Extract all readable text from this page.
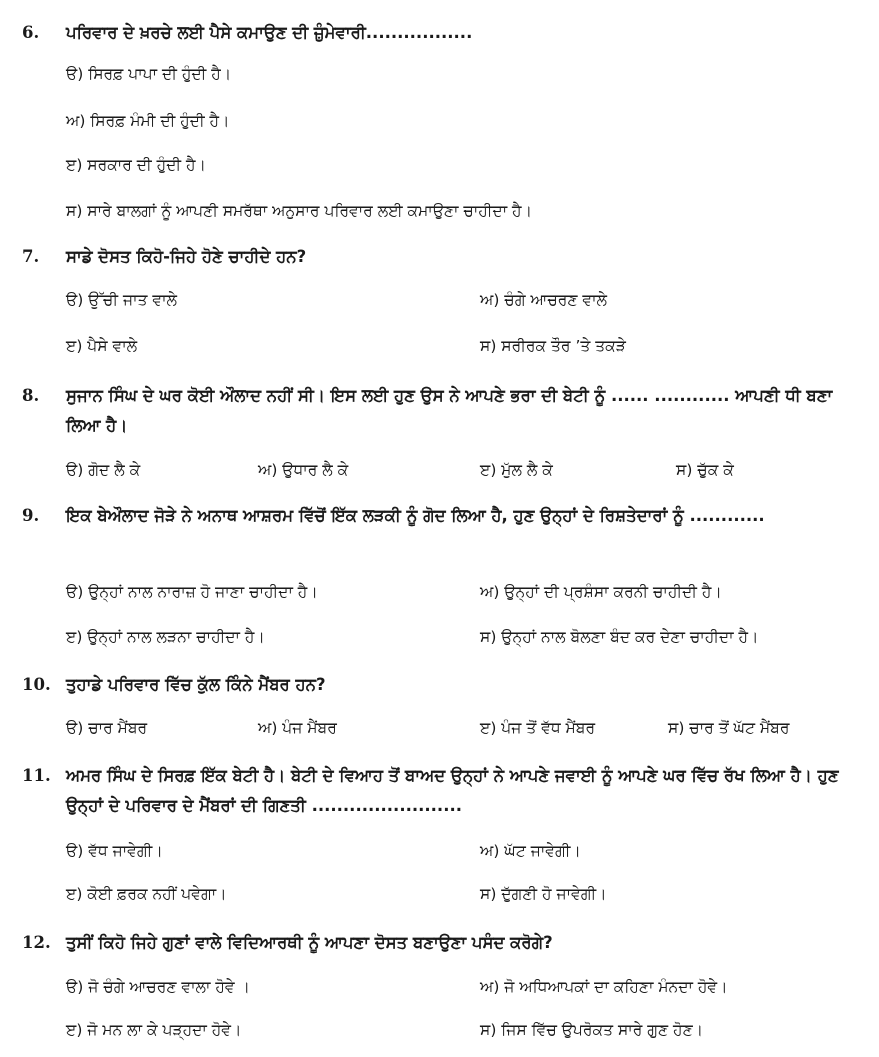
6.	ਪਰਿਵਾਰ ਦੇ ਖ਼ਰਚੇ ਲਈ ਪੈਸੇ ਕਮਾਉਣ ਦੀ ਜ਼ੁੰਮੇਵਾਰੀ.................
ੳ) ਸਿਰਫ਼ ਪਾਪਾ ਦੀ ਹੁੰਦੀ ਹੈ।
ਅ) ਸਿਰਫ਼ ਮੰਮੀ ਦੀ ਹੁੰਦੀ ਹੈ।
ੲ) ਸਰਕਾਰ ਦੀ ਹੁੰਦੀ ਹੈ।
ਸ) ਸਾਰੇ ਬਾਲਗਾਂ ਨੂੰ ਆਪਣੀ ਸਮਰੱਥਾ ਅਨੁਸਾਰ ਪਰਿਵਾਰ ਲਈ ਕਮਾਉਣਾ ਚਾਹੀਦਾ ਹੈ।
7.	ਸਾਡੇ ਦੋਸਤ ਕਿਹੋ-ਜਿਹੇ ਹੋਣੇ ਚਾਹੀਦੇ ਹਨ?
ੳ) ਉੱਚੀ ਜਾਤ ਵਾਲੇ	ਅ) ਚੰਗੇ ਆਚਰਣ ਵਾਲੇ
ੲ) ਪੈਸੇ ਵਾਲੇ	ਸ) ਸਰੀਰਕ ਤੌਰ ’ਤੇ ਤਕੜੇ
8.	ਸੁਜਾਨ ਸਿੰਘ ਦੇ ਘਰ ਕੋਈ ਔਲਾਦ ਨਹੀਂ ਸੀ। ਇਸ ਲਈ ਹੁਣ ਉਸ ਨੇ ਆਪਣੇ ਭਰਾ ਦੀ ਬੇਟੀ ਨੂੰ ...... ............ ਆਪਣੀ ਧੀ ਬਣਾ ਲਿਆ ਹੈ।
ੳ) ਗੋਦ ਲੈ ਕੇ	ਅ) ਉਧਾਰ ਲੈ ਕੇ	ੲ) ਮੁੱਲ ਲੈ ਕੇ	ਸ) ਚੁੱਕ ਕੇ
9.	ਇਕ ਬੇਔਲਾਦ ਜੋੜੇ ਨੇ ਅਨਾਥ ਆਸ਼ਰਮ ਵਿੱਚੋਂ ਇੱਕ ਲੜਕੀ ਨੂੰ ਗੋਦ ਲਿਆ ਹੈ, ਹੁਣ ਉਨ੍ਹਾਂ ਦੇ ਰਿਸ਼ਤੇਦਾਰਾਂ ਨੂੰ ............
ੳ) ਉਨ੍ਹਾਂ ਨਾਲ ਨਾਰਾਜ਼ ਹੋ ਜਾਣਾ ਚਾਹੀਦਾ ਹੈ।	ਅ) ਉਨ੍ਹਾਂ ਦੀ ਪ੍ਰਸ਼ੰਸਾ ਕਰਨੀ ਚਾਹੀਦੀ ਹੈ।
ੲ) ਉਨ੍ਹਾਂ ਨਾਲ ਲੜਨਾ ਚਾਹੀਦਾ ਹੈ।	ਸ) ਉਨ੍ਹਾਂ ਨਾਲ ਬੋਲਣਾ ਬੰਦ ਕਰ ਦੇਣਾ ਚਾਹੀਦਾ ਹੈ।
10. ਤੁਹਾਡੇ ਪਰਿਵਾਰ ਵਿੱਚ ਕੁੱਲ ਕਿੰਨੇ ਮੈਂਬਰ ਹਨ?
ੳ) ਚਾਰ ਮੈਂਬਰ	ਅ) ਪੰਜ ਮੈਂਬਰ	ੲ) ਪੰਜ ਤੋਂ ਵੱਧ ਮੈਂਬਰ	ਸ) ਚਾਰ ਤੋਂ ਘੱਟ ਮੈਂਬਰ
11. ਅਮਰ ਸਿੰਘ ਦੇ ਸਿਰਫ਼ ਇੱਕ ਬੇਟੀ ਹੈ। ਬੇਟੀ ਦੇ ਵਿਆਹ ਤੋਂ ਬਾਅਦ ਉਨ੍ਹਾਂ ਨੇ ਆਪਣੇ ਜਵਾਈ ਨੂੰ ਆਪਣੇ ਘਰ ਵਿੱਚ ਰੱਖ ਲਿਆ ਹੈ। ਹੁਣ ਉਨ੍ਹਾਂ ਦੇ ਪਰਿਵਾਰ ਦੇ ਮੈਂਬਰਾਂ ਦੀ ਗਿਣਤੀ ........................
ੳ) ਵੱਧ ਜਾਵੇਗੀ।	ਅ) ਘੱਟ ਜਾਵੇਗੀ।
ੲ) ਕੋਈ ਫ਼ਰਕ ਨਹੀਂ ਪਵੇਗਾ।	ਸ) ਦੁੱਗਣੀ ਹੋ ਜਾਵੇਗੀ।
12. ਤੁਸੀਂ ਕਿਹੋ ਜਿਹੇ ਗੁਣਾਂ ਵਾਲੇ ਵਿਦਿਆਰਥੀ ਨੂੰ ਆਪਣਾ ਦੋਸਤ ਬਣਾਉਣਾ ਪਸੰਦ ਕਰੋਗੇ?
ੳ) ਜੋ ਚੰਗੇ ਆਚਰਣ ਵਾਲਾ ਹੋਵੇ ।	ਅ) ਜੋ ਅਧਿਆਪਕਾਂ ਦਾ ਕਹਿਣਾ ਮੰਨਦਾ ਹੋਵੇ।
ੲ) ਜੋ ਮਨ ਲਾ ਕੇ ਪੜ੍ਹਦਾ ਹੋਵੇ।	ਸ) ਜਿਸ ਵਿੱਚ ਉਪਰੋਕਤ ਸਾਰੇ ਗੁਣ ਹੋਣ।
